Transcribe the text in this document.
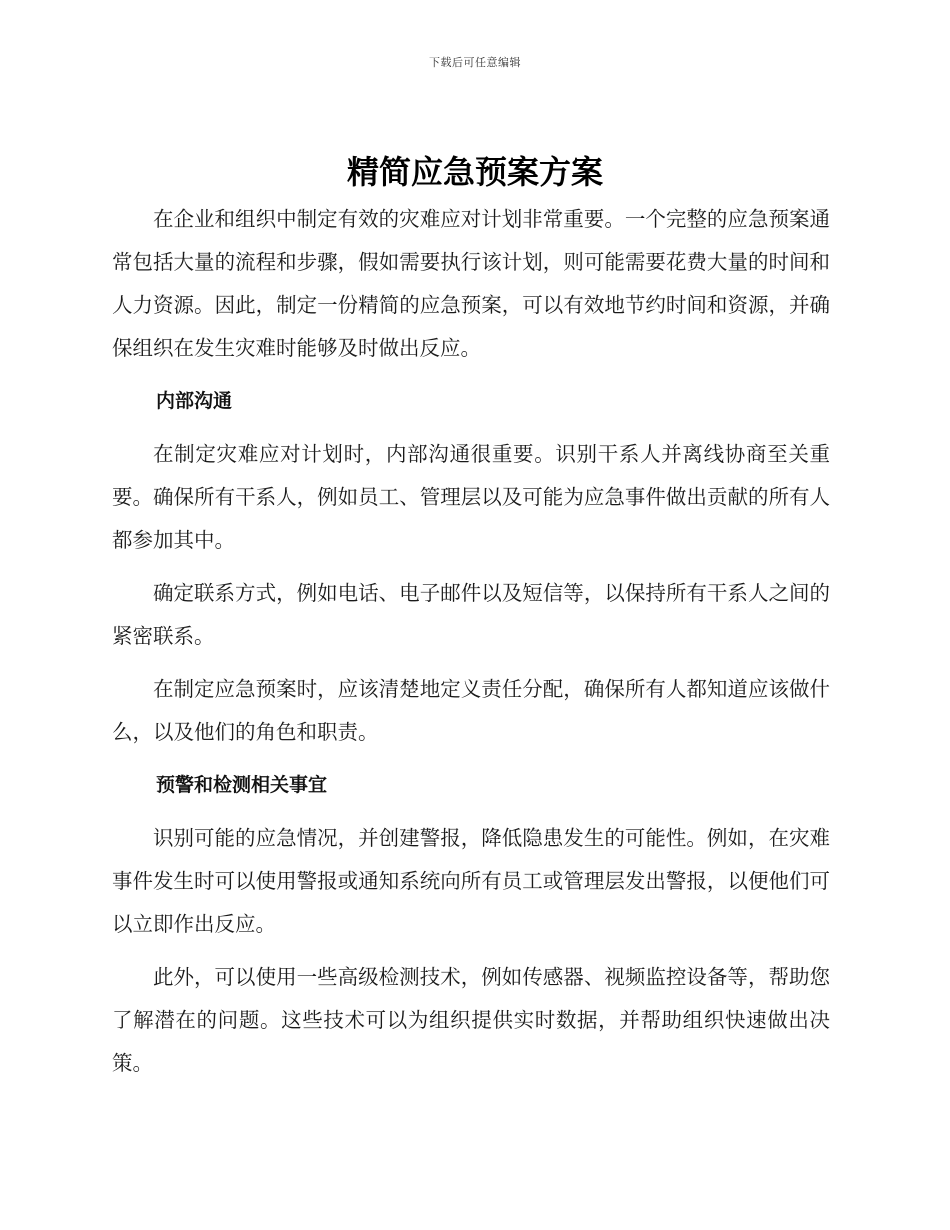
下载后可任意编辑
精简应急预案方案

在企业和组织中制定有效的灾难应对计划非常重要。一个完整的应急预案通常包括大量的流程和步骤，假如需要执行该计划，则可能需要花费大量的时间和人力资源。因此，制定一份精简的应急预案，可以有效地节约时间和资源，并确保组织在发生灾难时能够及时做出反应。

内部沟通

在制定灾难应对计划时，内部沟通很重要。识别干系人并离线协商至关重要。确保所有干系人，例如员工、管理层以及可能为应急事件做出贡献的所有人都参加其中。

确定联系方式，例如电话、电子邮件以及短信等，以保持所有干系人之间的紧密联系。

在制定应急预案时，应该清楚地定义责任分配，确保所有人都知道应该做什么，以及他们的角色和职责。

预警和检测相关事宜

识别可能的应急情况，并创建警报，降低隐患发生的可能性。例如，在灾难事件发生时可以使用警报或通知系统向所有员工或管理层发出警报，以便他们可以立即作出反应。

此外，可以使用一些高级检测技术，例如传感器、视频监控设备等，帮助您了解潜在的问题。这些技术可以为组织提供实时数据，并帮助组织快速做出决策。
